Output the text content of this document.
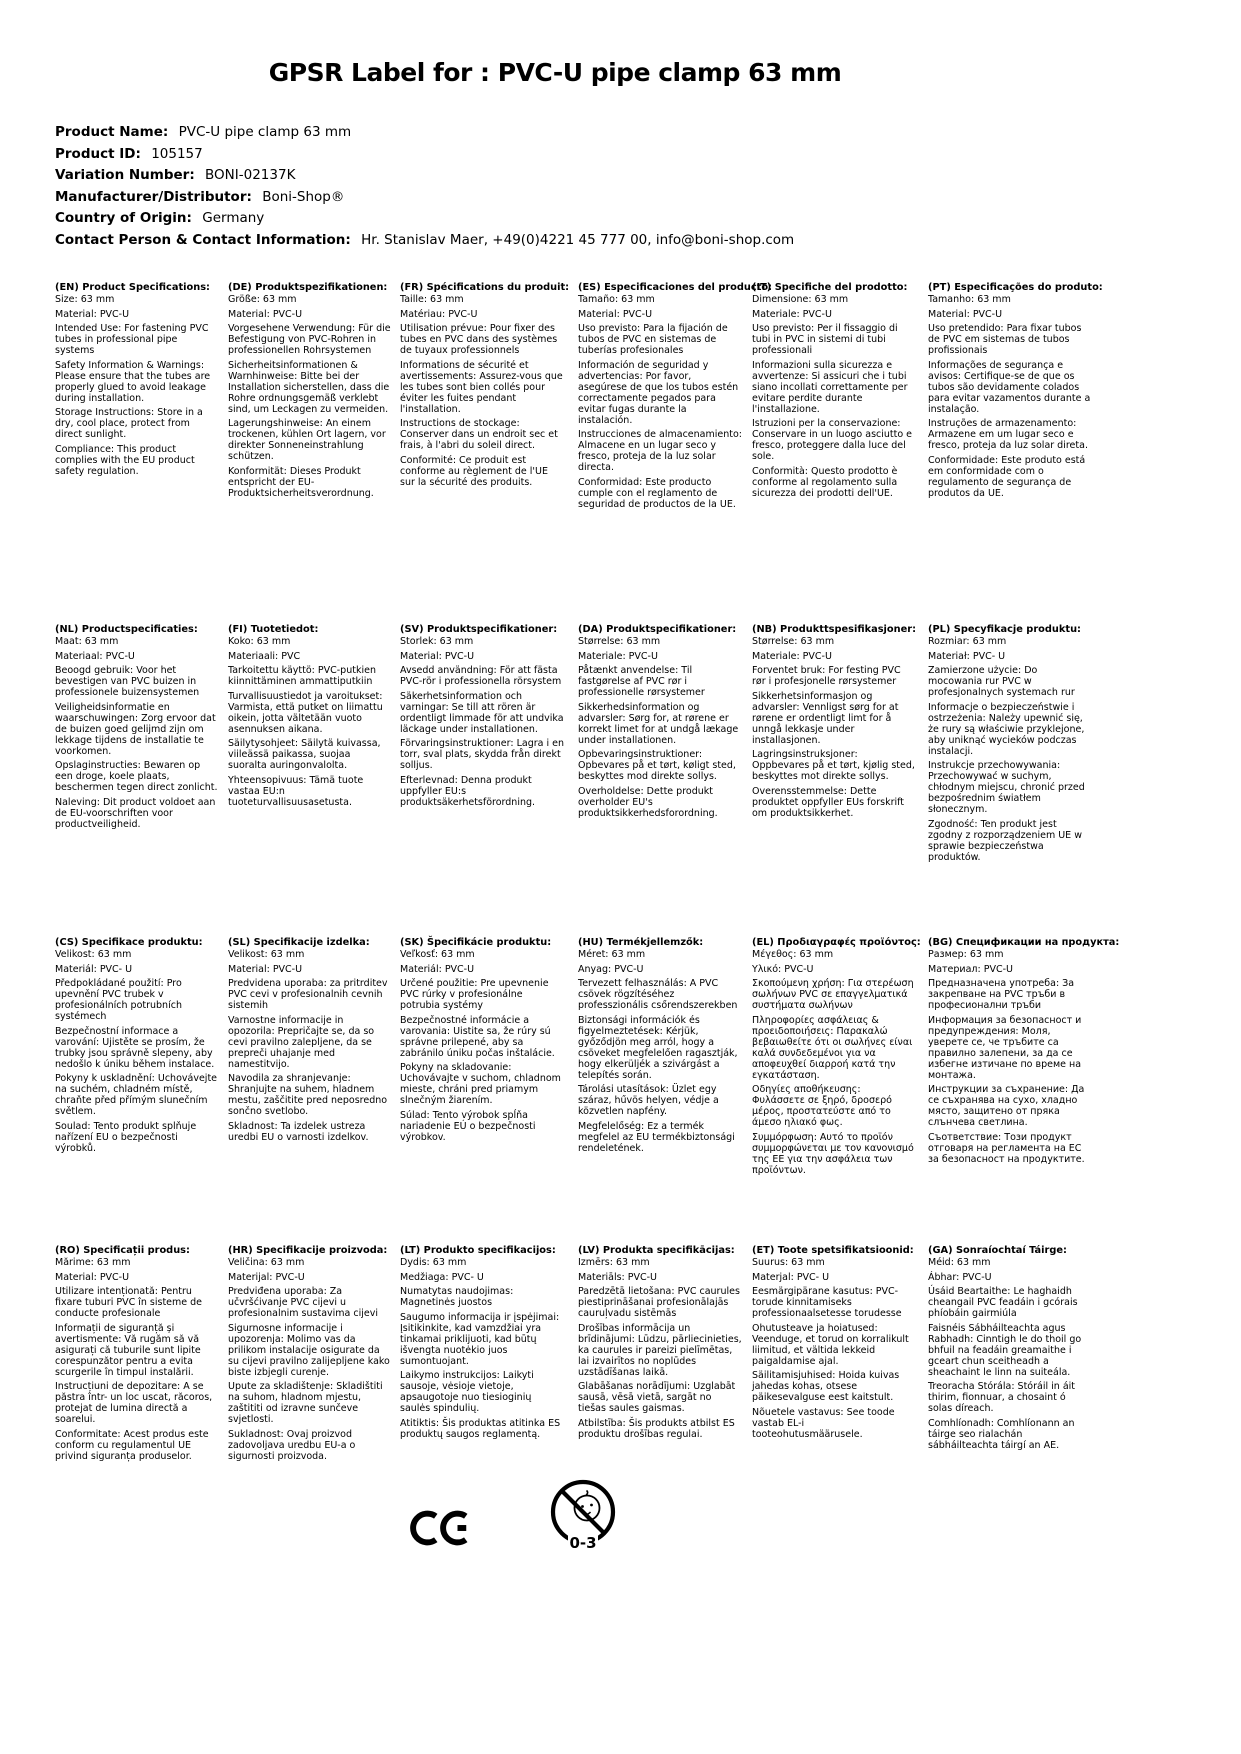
GPSR Label for : PVC-U pipe clamp 63 mm
Product Name: PVC-U pipe clamp 63 mm
Product ID: 105157
Variation Number: BONI-02137K
Manufacturer/Distributor: Boni-Shop®
Country of Origin: Germany
Contact Person & Contact Information: Hr. Stanislav Maer, +49(0)4221 45 777 00, info@boni-shop.com
(EN) Product Specifications:

Size: 63 mm

Material: PVC-U

Intended Use: For fastening PVC tubes in professional pipe systems

Safety Information & Warnings: Please ensure that the tubes are properly glued to avoid leakage during installation.

Storage Instructions: Store in a dry, cool place, protect from direct sunlight.

Compliance: This product complies with the EU product safety regulation.

(DE) Produktspezifikationen:

Größe: 63 mm

Material: PVC-U

Vorgesehene Verwendung: Für die Befestigung von PVC-Rohren in professionellen Rohrsystemen

Sicherheitsinformationen & Warnhinweise: Bitte bei der Installation sicherstellen, dass die Rohre ordnungsgemäß verklebt sind, um Leckagen zu vermeiden.

Lagerungshinweise: An einem trockenen, kühlen Ort lagern, vor direkter Sonneneinstrahlung schützen.

Konformität: Dieses Produkt entspricht der EU-Produktsicherheitsverordnung.

(FR) Spécifications du produit:

Taille: 63 mm

Matériau: PVC-U

Utilisation prévue: Pour fixer des tubes en PVC dans des systèmes de tuyaux professionnels

Informations de sécurité et avertissements: Assurez-vous que les tubes sont bien collés pour éviter les fuites pendant l'installation.

Instructions de stockage: Conserver dans un endroit sec et frais, à l'abri du soleil direct.

Conformité: Ce produit est conforme au règlement de l'UE sur la sécurité des produits.

(ES) Especificaciones del producto:

Tamaño: 63 mm

Material: PVC-U

Uso previsto: Para la fijación de tubos de PVC en sistemas de tuberías profesionales

Información de seguridad y advertencias: Por favor, asegúrese de que los tubos estén correctamente pegados para evitar fugas durante la instalación.

Instrucciones de almacenamiento: Almacene en un lugar seco y fresco, proteja de la luz solar directa.

Conformidad: Este producto cumple con el reglamento de seguridad de productos de la UE.

(IT) Specifiche del prodotto:

Dimensione: 63 mm

Materiale: PVC-U

Uso previsto: Per il fissaggio di tubi in PVC in sistemi di tubi professionali

Informazioni sulla sicurezza e avvertenze: Si assicuri che i tubi siano incollati correttamente per evitare perdite durante l'installazione.

Istruzioni per la conservazione: Conservare in un luogo asciutto e fresco, proteggere dalla luce del sole.

Conformità: Questo prodotto è conforme al regolamento sulla sicurezza dei prodotti dell'UE.

(PT) Especificações do produto:

Tamanho: 63 mm

Material: PVC-U

Uso pretendido: Para fixar tubos de PVC em sistemas de tubos profissionais

Informações de segurança e avisos: Certifique-se de que os tubos são devidamente colados para evitar vazamentos durante a instalação.

Instruções de armazenamento: Armazene em um lugar seco e fresco, proteja da luz solar direta.

Conformidade: Este produto está em conformidade com o regulamento de segurança de produtos da UE.

(NL) Productspecificaties:

Maat: 63 mm

Materiaal: PVC-U

Beoogd gebruik: Voor het bevestigen van PVC buizen in professionele buizensystemen

Veiligheidsinformatie en waarschuwingen: Zorg ervoor dat de buizen goed gelijmd zijn om lekkage tijdens de installatie te voorkomen.

Opslaginstructies: Bewaren op een droge, koele plaats, beschermen tegen direct zonlicht.

Naleving: Dit product voldoet aan de EU-voorschriften voor productveiligheid.

(FI) Tuotetiedot:

Koko: 63 mm

Materiaali: PVC

Tarkoitettu käyttö: PVC-putkien kiinnittäminen ammattiputkiin

Turvallisuustiedot ja varoitukset: Varmista, että putket on liimattu oikein, jotta vältetään vuoto asennuksen aikana.

Säilytysohjeet: Säilytä kuivassa, viileässä paikassa, suojaa suoralta auringonvalolta.

Yhteensopivuus: Tämä tuote vastaa EU:n tuoteturvallisuusasetusta.

(SV) Produktspecifikationer:

Storlek: 63 mm

Material: PVC-U

Avsedd användning: För att fästa PVC-rör i professionella rörsystem

Säkerhetsinformation och varningar: Se till att rören är ordentligt limmade för att undvika läckage under installationen.

Förvaringsinstruktioner: Lagra i en torr, sval plats, skydda från direkt solljus.

Efterlevnad: Denna produkt uppfyller EU:s produktsäkerhetsförordning.

(DA) Produktspecifikationer:

Størrelse: 63 mm

Materiale: PVC-U

Påtænkt anvendelse: Til fastgørelse af PVC rør i professionelle rørsystemer

Sikkerhedsinformation og advarsler: Sørg for, at rørene er korrekt limet for at undgå lækage under installationen.

Opbevaringsinstruktioner: Opbevares på et tørt, køligt sted, beskyttes mod direkte sollys.

Overholdelse: Dette produkt overholder EU's produktsikkerhedsforordning.

(NB) Produkttspesifikasjoner:

Størrelse: 63 mm

Materiale: PVC-U

Forventet bruk: For festing PVC rør i profesjonelle rørsystemer

Sikkerhetsinformasjon og advarsler: Vennligst sørg for at rørene er ordentligt limt for å unngå lekkasje under installasjonen.

Lagringsinstruksjoner: Oppbevares på et tørt, kjølig sted, beskyttes mot direkte sollys.

Overensstemmelse: Dette produktet oppfyller EUs forskrift om produktsikkerhet.

(PL) Specyfikacje produktu:

Rozmiar: 63 mm

Materiał: PVC- U

Zamierzone użycie: Do mocowania rur PVC w profesjonalnych systemach rur

Informacje o bezpieczeństwie i ostrzeżenia: Należy upewnić się, że rury są właściwie przyklejone, aby uniknąć wycieków podczas instalacji.

Instrukcje przechowywania: Przechowywać w suchym, chłodnym miejscu, chronić przed bezpośrednim światłem słonecznym.

Zgodność: Ten produkt jest zgodny z rozporządzeniem UE w sprawie bezpieczeństwa produktów.

(CS) Specifikace produktu:

Velikost: 63 mm

Materiál: PVC- U

Předpokládané použití: Pro upevnění PVC trubek v profesionálních potrubních systémech

Bezpečnostní informace a varování: Ujistěte se prosím, že trubky jsou správně slepeny, aby nedošlo k úniku během instalace.

Pokyny k uskladnění: Uchovávejte na suchém, chladném místě, chraňte před přímým slunečním světlem.

Soulad: Tento produkt splňuje nařízení EU o bezpečnosti výrobků.

(SL) Specifikacije izdelka:

Velikost: 63 mm

Material: PVC-U

Predvidena uporaba: za pritrditev PVC cevi v profesionalnih cevnih sistemih

Varnostne informacije in opozorila: Prepričajte se, da so cevi pravilno zalepljene, da se prepreči uhajanje med namestitvijo.

Navodila za shranjevanje: Shranjujte na suhem, hladnem mestu, zaščitite pred neposredno sončno svetlobo.

Skladnost: Ta izdelek ustreza uredbi EU o varnosti izdelkov.

(SK) Špecifikácie produktu:

Veľkosť: 63 mm

Materiál: PVC-U

Určené použitie: Pre upevnenie PVC rúrky v profesionálne potrubia systémy

Bezpečnostné informácie a varovania: Uistite sa, že rúry sú správne prilepené, aby sa zabránilo úniku počas inštalácie.

Pokyny na skladovanie: Uchovávajte v suchom, chladnom mieste, chráni pred priamym slnečným žiarením.

Súlad: Tento výrobok spĺňa nariadenie EÚ o bezpečnosti výrobkov.

(HU) Termékjellemzők:

Méret: 63 mm

Anyag: PVC-U

Tervezett felhasználás: A PVC csövek rögzítéséhez professzionális csőrendszerekben

Biztonsági információk és figyelmeztetések: Kérjük, győződjön meg arról, hogy a csöveket megfelelően ragasztják, hogy elkerüljék a szivárgást a telepítés során.

Tárolási utasítások: Üzlet egy száraz, hűvös helyen, védje a közvetlen napfény.

Megfelelőség: Ez a termék megfelel az EU termékbiztonsági rendeletének.

(EL) Προδιαγραφές προϊόντος:

Μέγεθος: 63 mm

Υλικό: PVC-U

Σκοπούμενη χρήση: Για στερέωση σωλήνων PVC σε επαγγελματικά συστήματα σωλήνων

Πληροφορίες ασφάλειας & προειδοποιήσεις: Παρακαλώ βεβαιωθείτε ότι οι σωλήνες είναι καλά συνδεδεμένοι για να αποφευχθεί διαρροή κατά την εγκατάσταση.

Οδηγίες αποθήκευσης: Φυλάσσετε σε ξηρό, δροσερό μέρος, προστατεύστε από το άμεσο ηλιακό φως.

Συμμόρφωση: Αυτό το προϊόν συμμορφώνεται με τον κανονισμό της ΕΕ για την ασφάλεια των προϊόντων.

(BG) Спецификации на продукта:

Размер: 63 mm

Материал: PVC-U

Предназначена употреба: За закрепване на PVC тръби в професионални тръби

Информация за безопасност и предупреждения: Моля, уверете се, че тръбите са правилно залепени, за да се избегне изтичане по време на монтажа.

Инструкции за съхранение: Да се съхранява на сухо, хладно място, защитено от пряка слънчева светлина.

Съответствие: Този продукт отговаря на регламента на ЕС за безопасност на продуктите.

(RO) Specificații produs:

Mărime: 63 mm

Material: PVC-U

Utilizare intenționată: Pentru fixare tuburi PVC în sisteme de conducte profesionale

Informații de siguranță și avertismente: Vă rugăm să vă asigurați că tuburile sunt lipite corespunzător pentru a evita scurgerile în timpul instalării.

Instrucțiuni de depozitare: A se păstra într- un loc uscat, răcoros, protejat de lumina directă a soarelui.

Conformitate: Acest produs este conform cu regulamentul UE privind siguranța produselor.

(HR) Specifikacije proizvoda:

Veličina: 63 mm

Materijal: PVC-U

Predviđena uporaba: Za učvršćivanje PVC cijevi u profesionalnim sustavima cijevi

Sigurnosne informacije i upozorenja: Molimo vas da prilikom instalacije osigurate da su cijevi pravilno zalijepljene kako biste izbjegli curenje.

Upute za skladištenje: Skladištiti na suhom, hladnom mjestu, zaštititi od izravne sunčeve svjetlosti.

Sukladnost: Ovaj proizvod zadovoljava uredbu EU-a o sigurnosti proizvoda.

(LT) Produkto specifikacijos:

Dydis: 63 mm

Medžiaga: PVC- U

Numatytas naudojimas: Magnetinės juostos

Saugumo informacija ir įspėjimai: Įsitikinkite, kad vamzdžiai yra tinkamai priklijuoti, kad būtų išvengta nuotėkio juos sumontuojant.

Laikymo instrukcijos: Laikyti sausoje, vėsioje vietoje, apsaugotoje nuo tiesioginių saulės spindulių.

Atitiktis: Šis produktas atitinka ES produktų saugos reglamentą.

(LV) Produkta specifikācijas:

Izmērs: 63 mm

Materiāls: PVC-U

Paredzētā lietošana: PVC caurules piestiprināšanai profesionālajās cauruļvadu sistēmās

Drošības informācija un brīdinājumi: Lūdzu, pārliecinieties, ka caurules ir pareizi pielīmētas, lai izvairītos no noplūdes uzstādīšanas laikā.

Glabāšanas norādījumi: Uzglabāt sausā, vēsā vietā, sargāt no tiešas saules gaismas.

Atbilstība: Šis produkts atbilst ES produktu drošības regulai.

(ET) Toote spetsifikatsioonid:

Suurus: 63 mm

Materjal: PVC- U

Eesmärgipärane kasutus: PVC-torude kinnitamiseks professionaalsetesse torudesse

Ohutusteave ja hoiatused: Veenduge, et torud on korralikult liimitud, et vältida lekkeid paigaldamise ajal.

Säilitamisjuhised: Hoida kuivas jahedas kohas, otsese päikesevalguse eest kaitstult.

Nõuetele vastavus: See toode vastab EL-i tooteohutusmäärusele.

(GA) Sonraíochtaí Táirge:

Méid: 63 mm

Ábhar: PVC-U

Úsáid Beartaithe: Le haghaidh cheangail PVC feadáin i gcórais phíobáin gairmiúla

Faisnéis Sábháilteachta agus Rabhadh: Cinntigh le do thoil go bhfuil na feadáin greamaithe i gceart chun sceitheadh a sheachaint le linn na suiteála.

Treoracha Stórála: Stóráil in áit thirim, fionnuar, a chosaint ó solas díreach.

Comhlíonadh: Comhlíonann an táirge seo rialachán sábháilteachta táirgí an AE.

0-3
